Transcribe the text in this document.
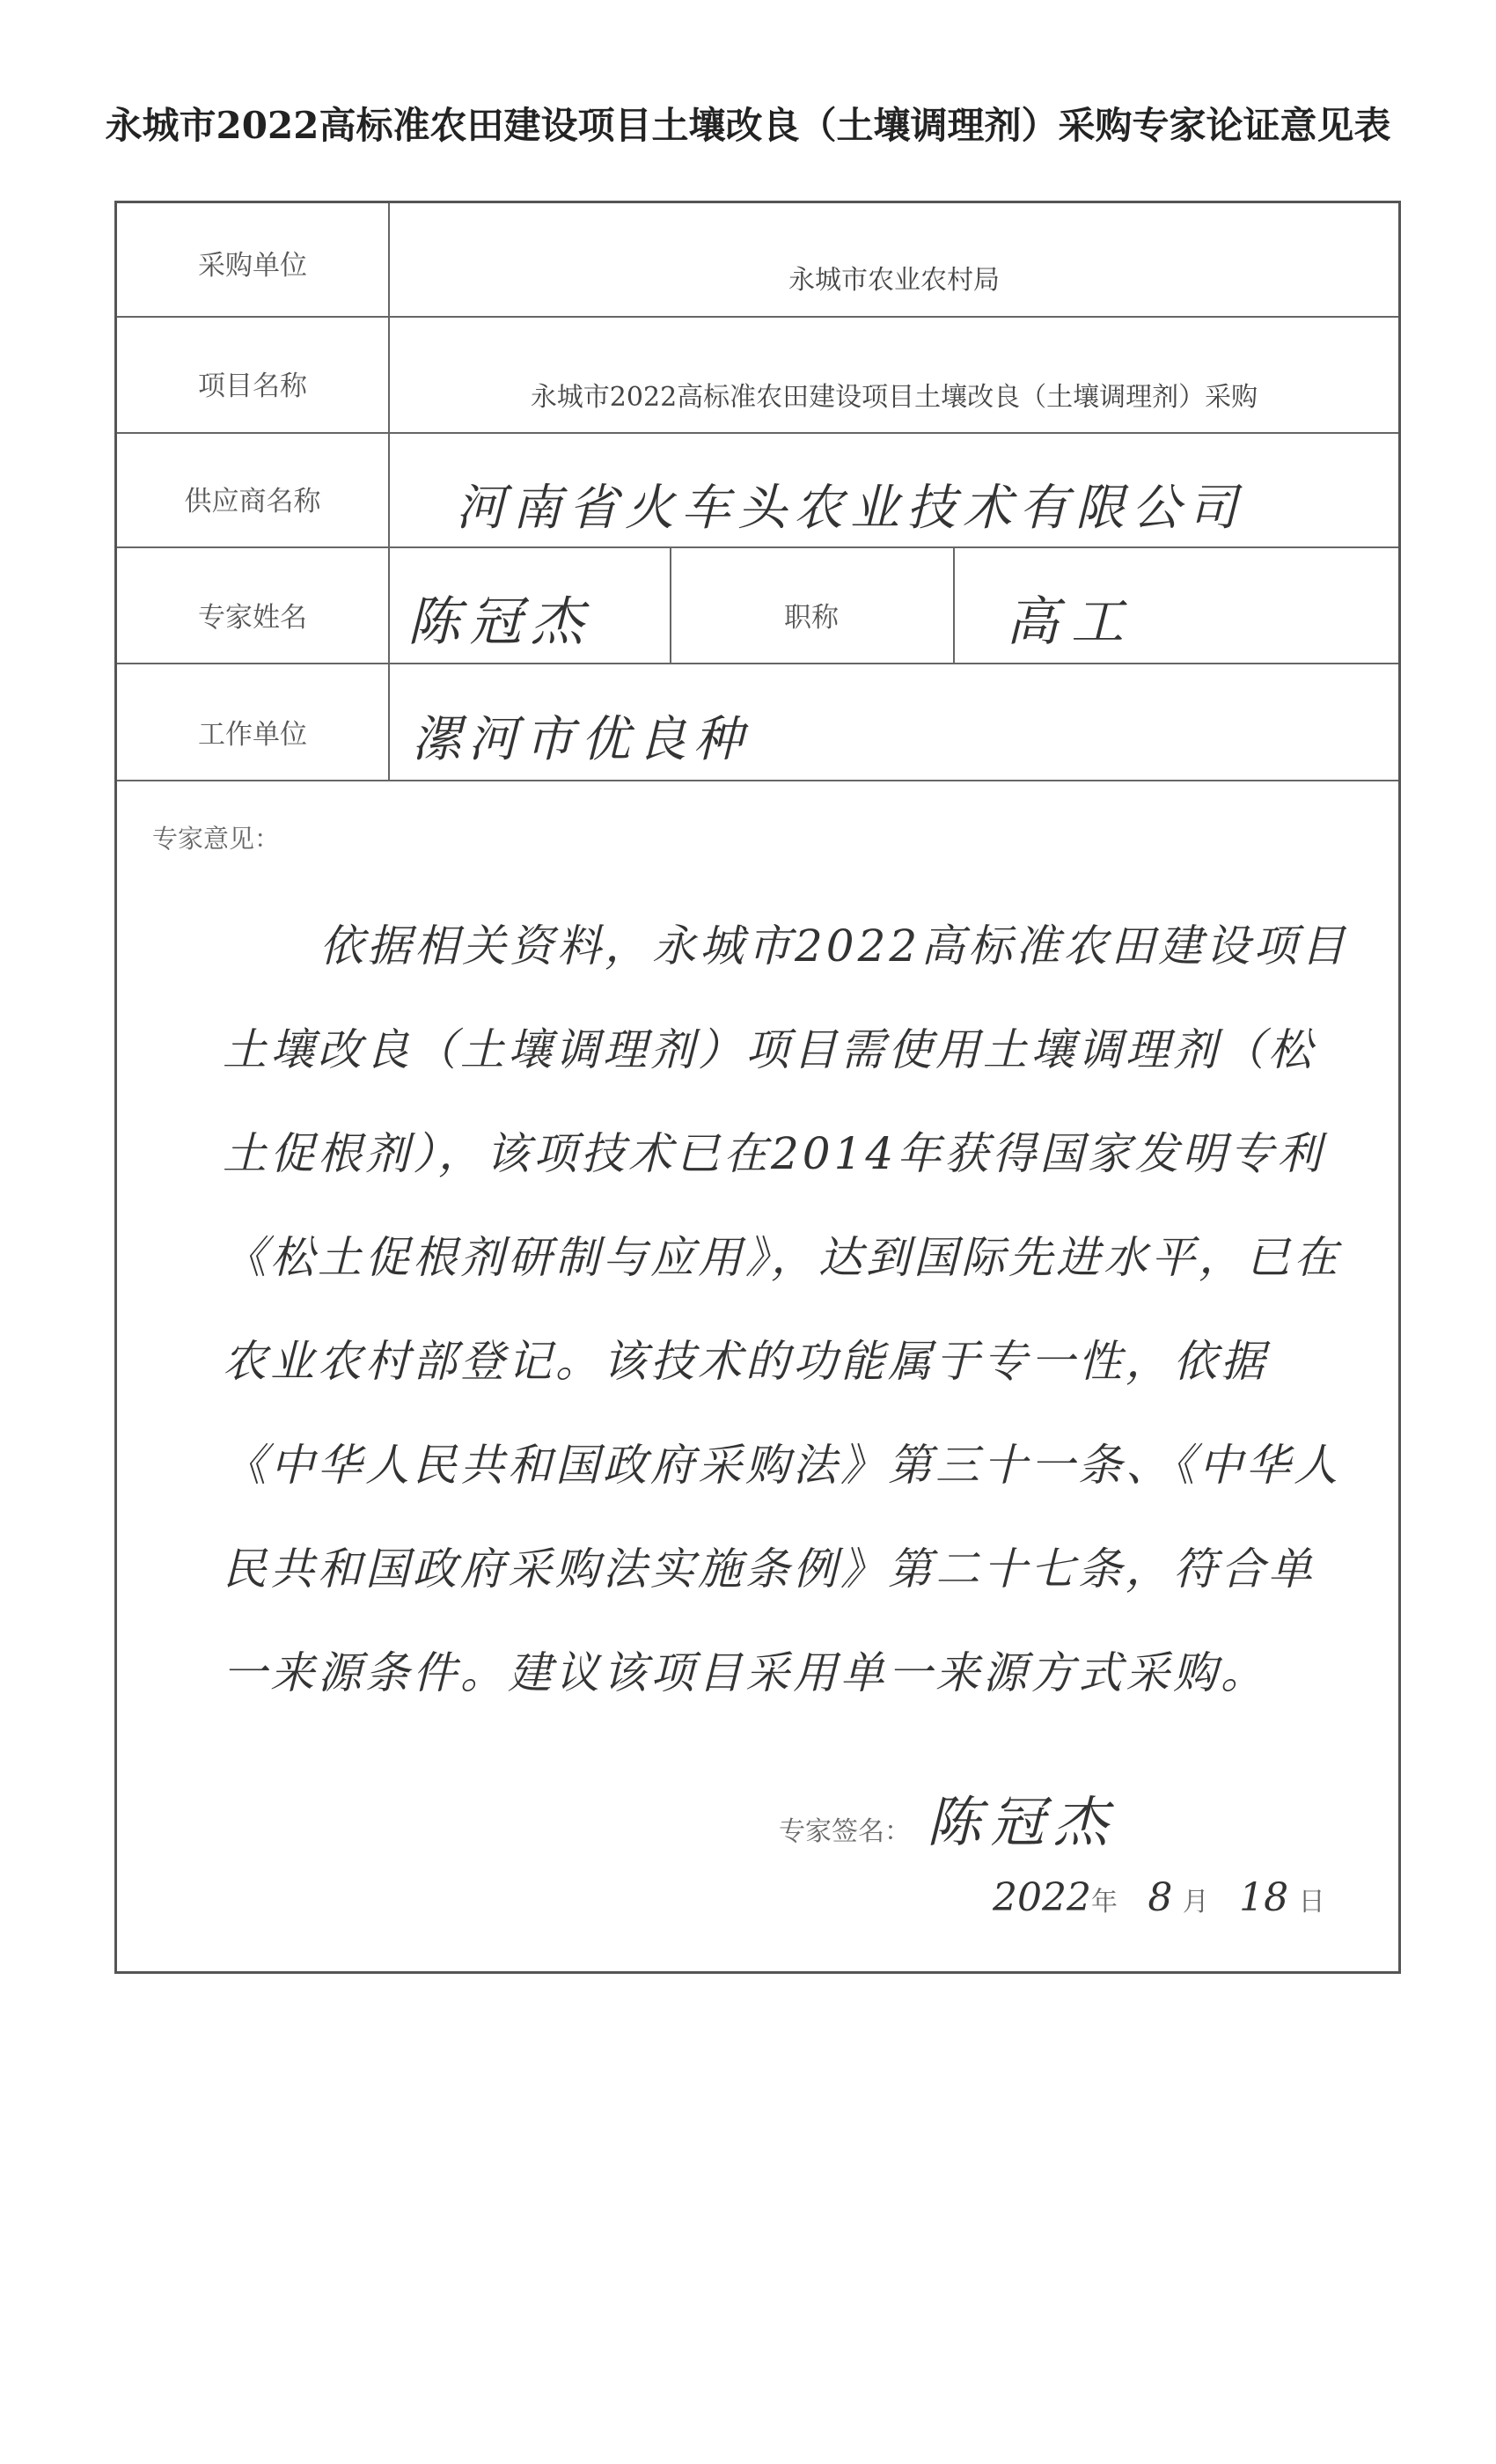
永城市2022高标准农田建设项目土壤改良（土壤调理剂）采购专家论证意见表
采购单位	永城市农业农村局
项目名称	永城市2022高标准农田建设项目土壤改良（土壤调理剂）采购
供应商名称	河南省火车头农业技术有限公司
专家姓名	陈冠杰	职称	高工
工作单位	漯河市优良种
专家意见：
依据相关资料，永城市2022高标准农田建设项目土壤改良（土壤调理剂）项目需使用土壤调理剂（松土促根剂），该项技术已在2014年获得国家发明专利《松土促根剂研制与应用》，达到国际先进水平，已在农业农村部登记。该技术的功能属于专一性，依据《中华人民共和国政府采购法》第三十一条、《中华人民共和国政府采购法实施条例》第二十七条，符合单一来源条件。建议该项目采用单一来源方式采购。
专家签名： 陈冠杰
2022年 8 月 18 日
